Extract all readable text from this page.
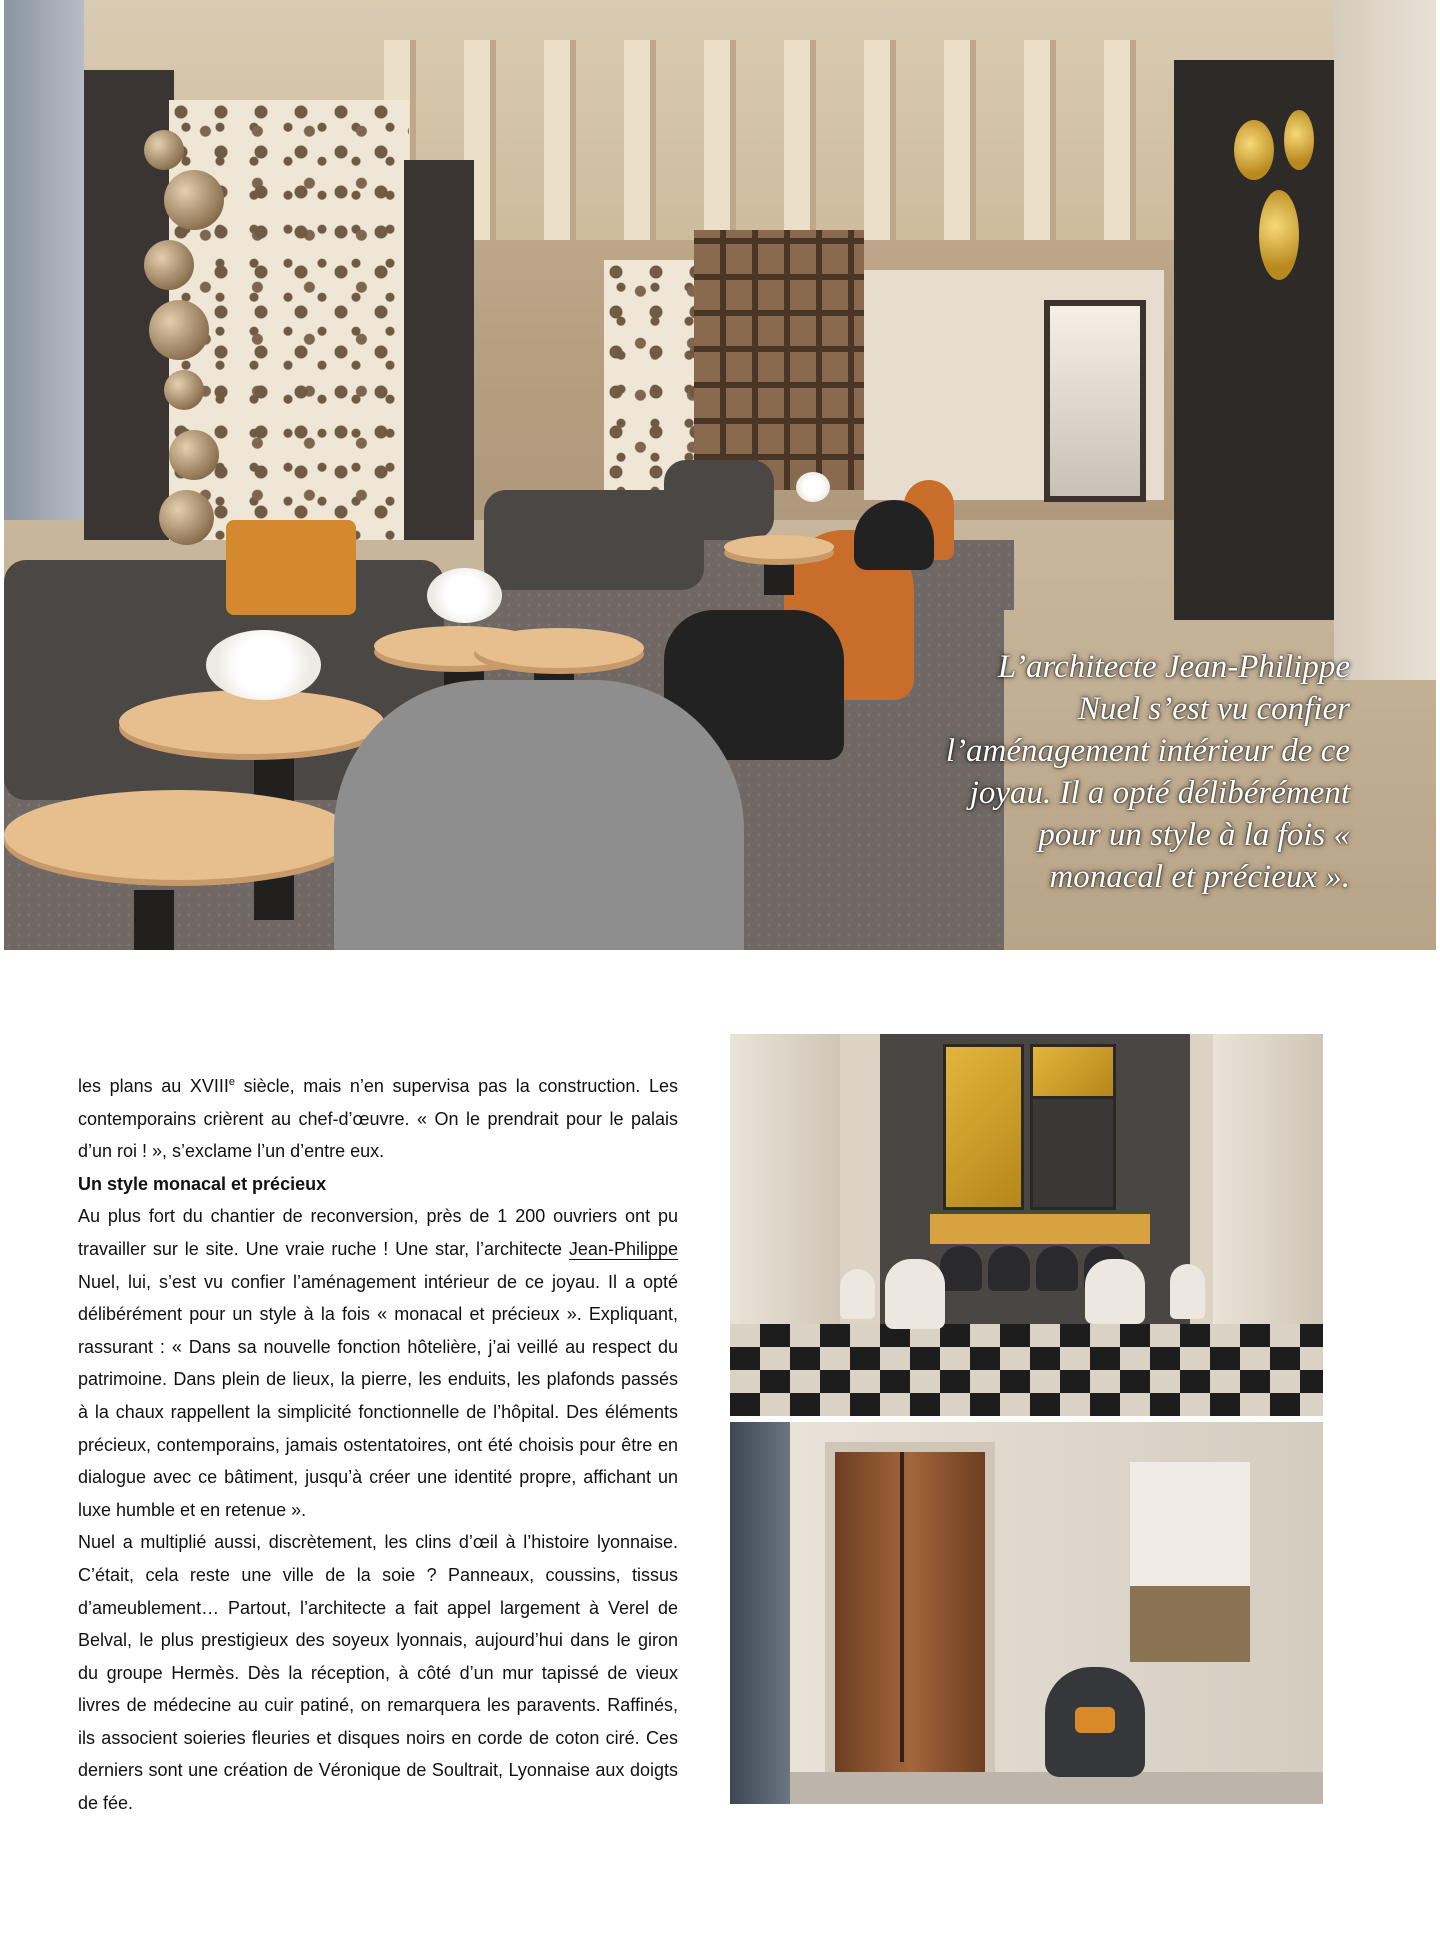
L’architecte Jean-Philippe Nuel s’est vu confier l’aménagement intérieur de ce joyau. Il a opté délibérément pour un style à la fois « monacal et précieux ».

les plans au XVIIIe siècle, mais n’en supervisa pas la construction. Les contemporains crièrent au chef-d’œuvre. « On le prendrait pour le palais d’un roi ! », s’exclame l’un d’entre eux.

Un style monacal et précieux

Au plus fort du chantier de reconversion, près de 1 200 ouvriers ont pu travailler sur le site. Une vraie ruche ! Une star, l’architecte Jean-Philippe Nuel, lui, s’est vu confier l’aménagement intérieur de ce joyau. Il a opté délibérément pour un style à la fois « monacal et précieux ». Expliquant, rassurant : « Dans sa nouvelle fonction hôtelière, j’ai veillé au respect du patrimoine. Dans plein de lieux, la pierre, les enduits, les plafonds passés à la chaux rappellent la simplicité fonctionnelle de l’hôpital. Des éléments précieux, contemporains, jamais ostentatoires, ont été choisis pour être en dialogue avec ce bâtiment, jusqu’à créer une identité propre, affichant un luxe humble et en retenue ».

Nuel a multiplié aussi, discrètement, les clins d’œil à l’histoire lyonnaise. C’était, cela reste une ville de la soie ? Panneaux, coussins, tissus d’ameublement… Partout, l’architecte a fait appel largement à Verel de Belval, le plus prestigieux des soyeux lyonnais, aujourd’hui dans le giron du groupe Hermès. Dès la réception, à côté d’un mur tapissé de vieux livres de médecine au cuir patiné, on remarquera les paravents. Raffinés, ils associent soieries fleuries et disques noirs en corde de coton ciré. Ces derniers sont une création de Véronique de Soultrait, Lyonnaise aux doigts de fée.
